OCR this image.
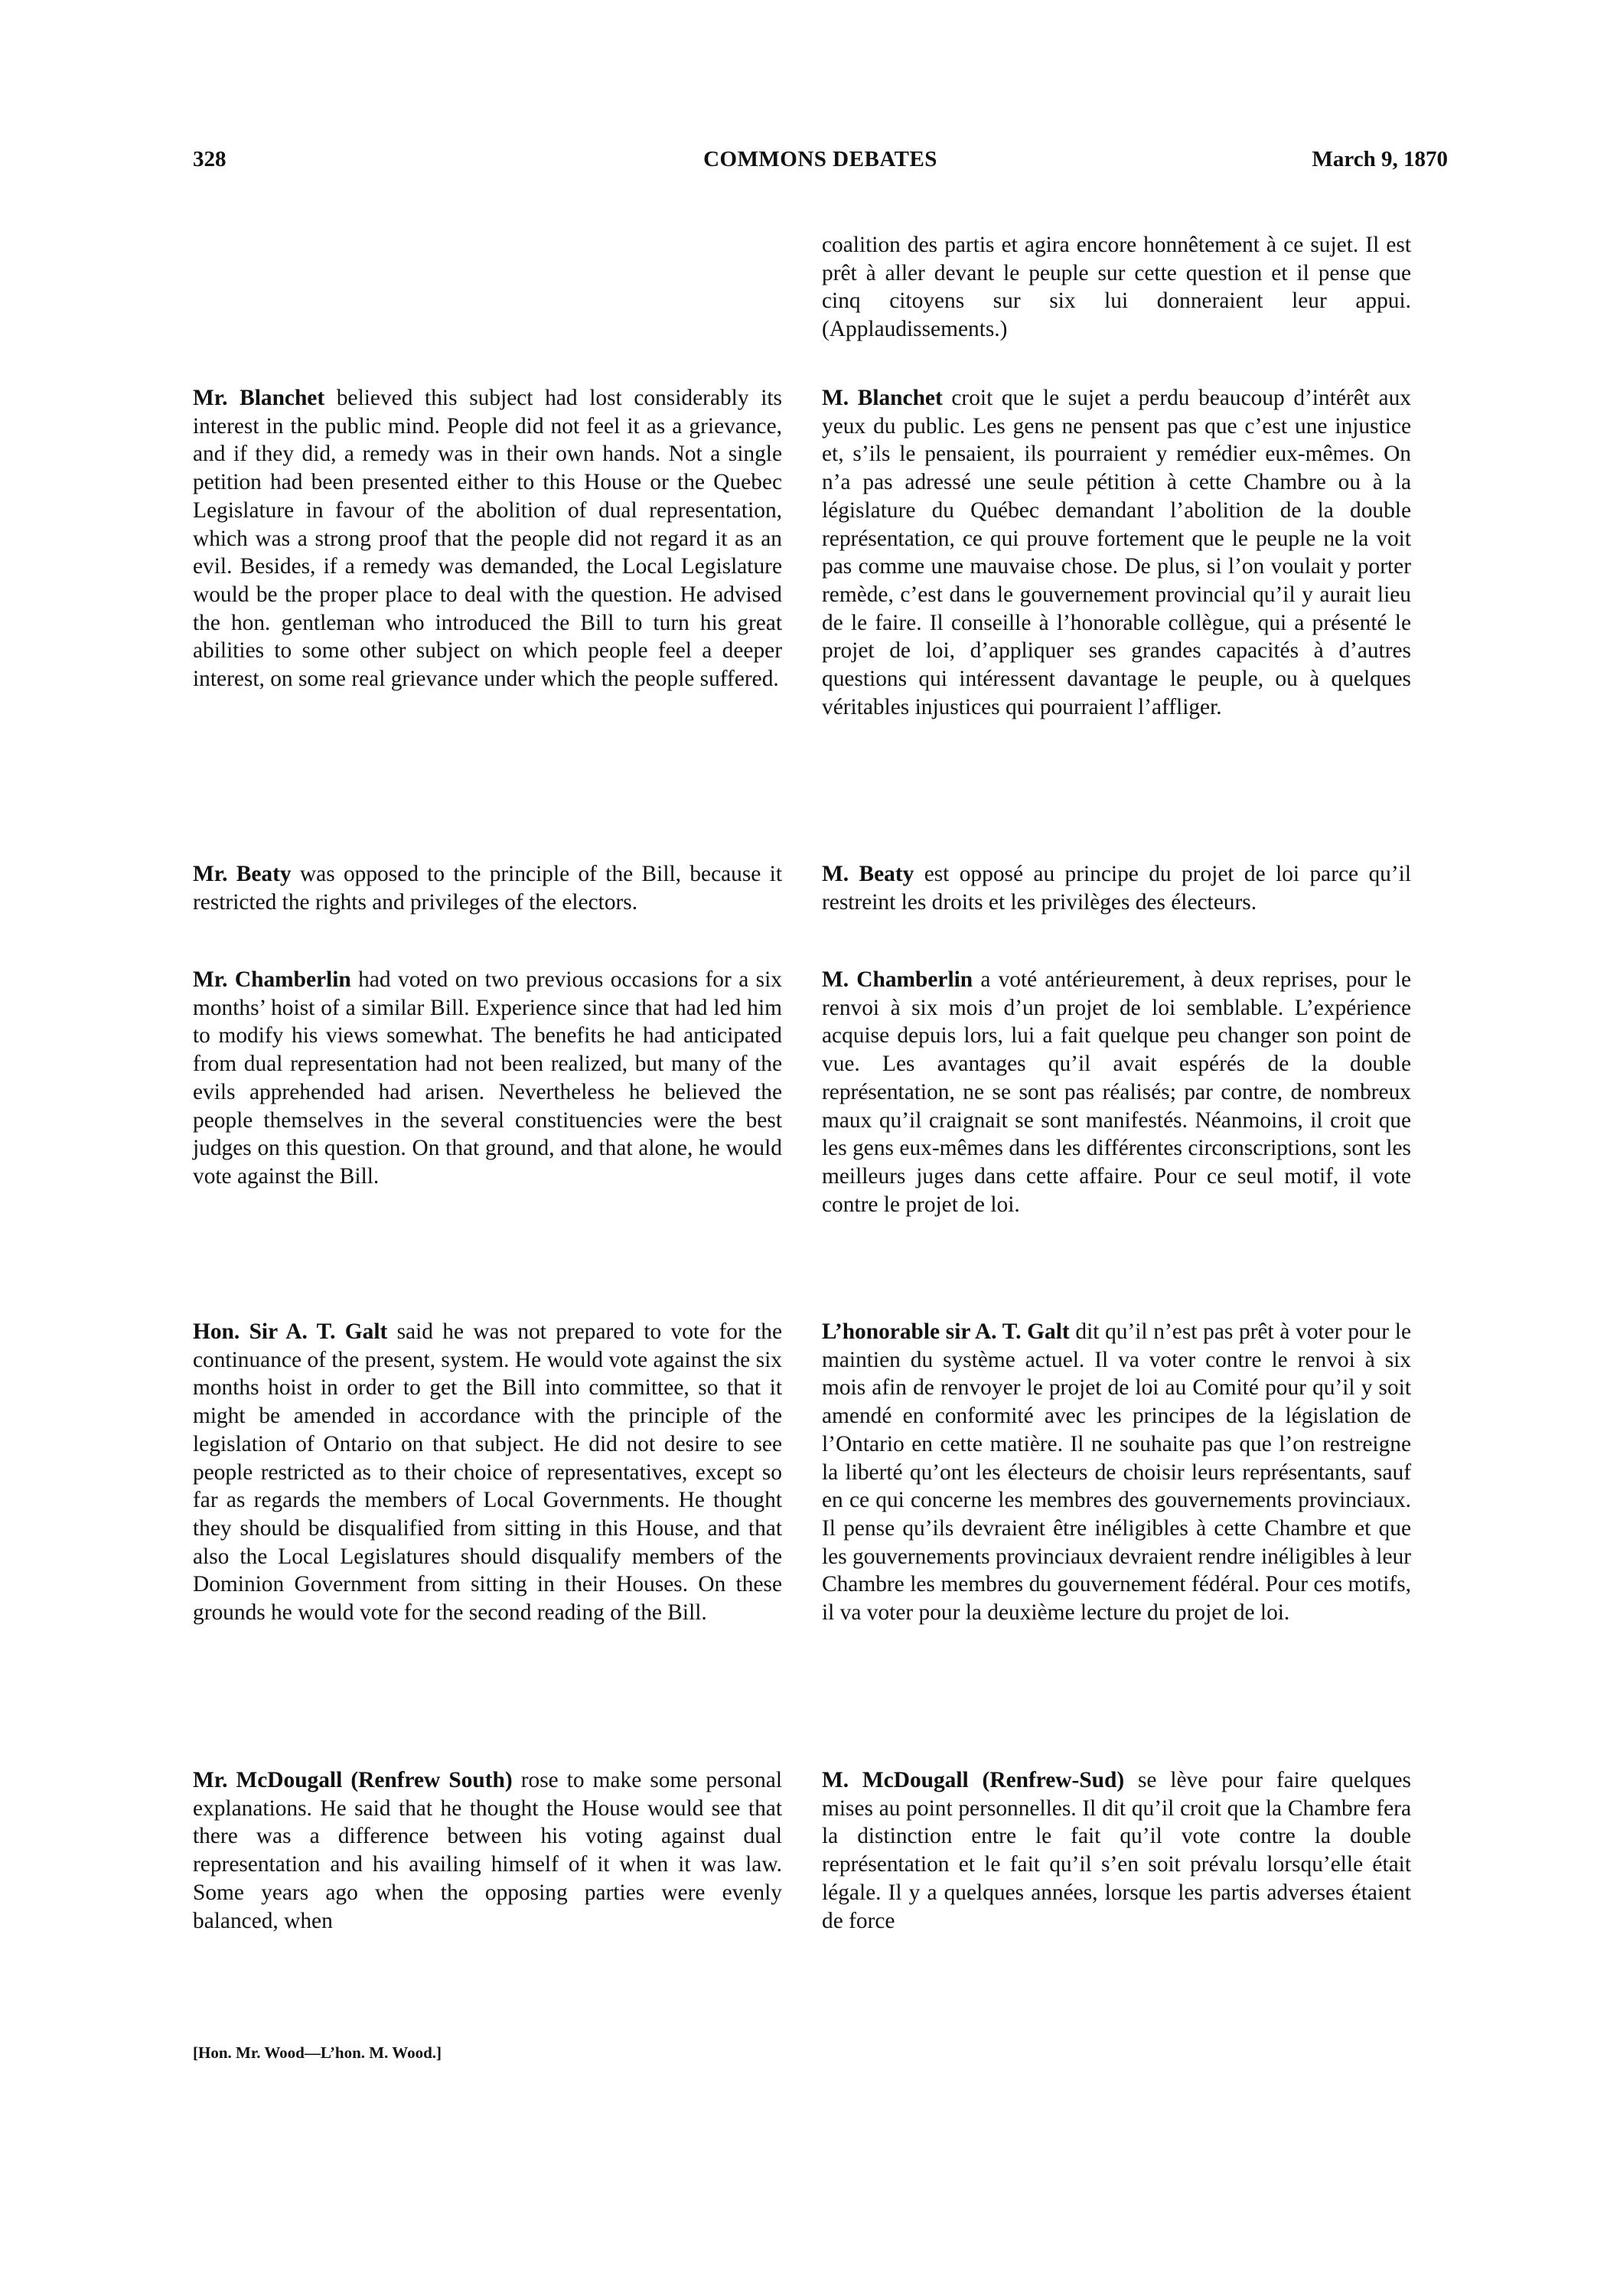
328	COMMONS DEBATES	March 9, 1870

coalition des partis et agira encore honnêtement à ce sujet. Il est prêt à aller devant le peuple sur cette question et il pense que cinq citoyens sur six lui donneraient leur appui. (Applaudissements.)

M. Blanchet croit que le sujet a perdu beaucoup d’intérêt aux yeux du public. Les gens ne pensent pas que c’est une injustice et, s’ils le pensaient, ils pourraient y remédier eux-mêmes. On n’a pas adressé une seule pétition à cette Chambre ou à la législature du Québec demandant l’abolition de la double représentation, ce qui prouve fortement que le peuple ne la voit pas comme une mauvaise chose. De plus, si l’on voulait y porter remède, c’est dans le gouvernement provincial qu’il y aurait lieu de le faire. Il conseille à l’honorable collègue, qui a présenté le projet de loi, d’appliquer ses grandes capacités à d’autres questions qui intéressent davantage le peuple, ou à quelques véritables injustices qui pourraient l’affliger.

M. Beaty est opposé au principe du projet de loi parce qu’il restreint les droits et les privilèges des électeurs.

M. Chamberlin a voté antérieurement, à deux reprises, pour le renvoi à six mois d’un projet de loi semblable. L’expérience acquise depuis lors, lui a fait quelque peu changer son point de vue. Les avantages qu’il avait espérés de la double représentation, ne se sont pas réalisés; par contre, de nombreux maux qu’il craignait se sont manifestés. Néanmoins, il croit que les gens eux-mêmes dans les différentes circonscriptions, sont les meilleurs juges dans cette affaire. Pour ce seul motif, il vote contre le projet de loi.

L’honorable sir A. T. Galt dit qu’il n’est pas prêt à voter pour le maintien du système actuel. Il va voter contre le renvoi à six mois afin de renvoyer le projet de loi au Comité pour qu’il y soit amendé en conformité avec les principes de la législation de l’Ontario en cette matière. Il ne souhaite pas que l’on restreigne la liberté qu’ont les électeurs de choisir leurs représentants, sauf en ce qui concerne les membres des gouvernements provinciaux. Il pense qu’ils devraient être inéligibles à cette Chambre et que les gouvernements provinciaux devraient rendre inéligibles à leur Chambre les membres du gouvernement fédéral. Pour ces motifs, il va voter pour la deuxième lecture du projet de loi.

M. McDougall (Renfrew-Sud) se lève pour faire quelques mises au point personnelles. Il dit qu’il croit que la Chambre fera la distinction entre le fait qu’il vote contre la double représentation et le fait qu’il s’en soit prévalu lorsqu’elle était légale. Il y a quelques années, lorsque les partis adverses étaient de force

Mr. Blanchet believed this subject had lost considerably its interest in the public mind. People did not feel it as a grievance, and if they did, a remedy was in their own hands. Not a single petition had been presented either to this House or the Quebec Legislature in favour of the abolition of dual representation, which was a strong proof that the people did not regard it as an evil. Besides, if a remedy was demanded, the Local Legislature would be the proper place to deal with the question. He advised the hon. gentleman who introduced the Bill to turn his great abilities to some other subject on which people feel a deeper interest, on some real grievance under which the people suffered.

Mr. Beaty was opposed to the principle of the Bill, because it restricted the rights and privileges of the electors.

Mr. Chamberlin had voted on two previous occasions for a six months’ hoist of a similar Bill. Experience since that had led him to modify his views somewhat. The benefits he had anticipated from dual representation had not been realized, but many of the evils apprehended had arisen. Nevertheless he believed the people themselves in the several constituencies were the best judges on this question. On that ground, and that alone, he would vote against the Bill.

Hon. Sir A. T. Galt said he was not prepared to vote for the continuance of the present, system. He would vote against the six months hoist in order to get the Bill into committee, so that it might be amended in accordance with the principle of the legislation of Ontario on that subject. He did not desire to see people restricted as to their choice of representatives, except so far as regards the members of Local Governments. He thought they should be disqualified from sitting in this House, and that also the Local Legislatures should disqualify members of the Dominion Government from sitting in their Houses. On these grounds he would vote for the second reading of the Bill.

Mr. McDougall (Renfrew South) rose to make some personal explanations. He said that he thought the House would see that there was a difference between his voting against dual representation and his availing himself of it when it was law. Some years ago when the opposing parties were evenly balanced, when

[Hon. Mr. Wood—L’hon. M. Wood.]
